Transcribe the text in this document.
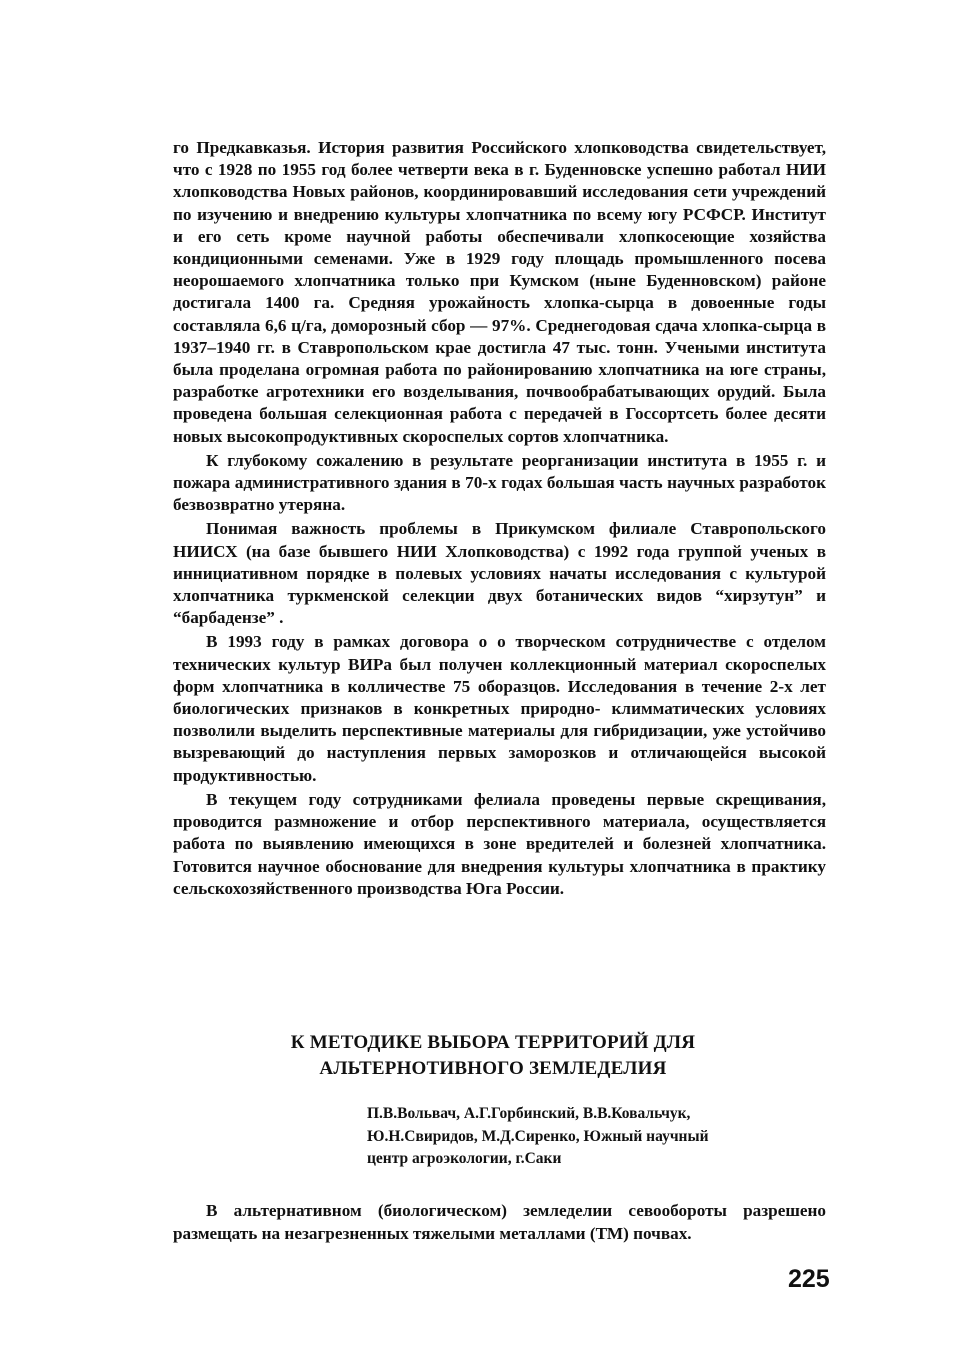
го Предкавказья. История развития Российского хлопководства свидетельствует, что с 1928 по 1955 год более четверти века в г. Буденновске успешно работал НИИ хлопководства Новых районов, координировавший исследования сети учреждений по изучению и внедрению культуры хлопчатника по всему югу РСФСР. Институт и его сеть кроме научной работы обеспечивали хлопкосеющие хозяйства кондиционными семенами. Уже в 1929 году площадь промышленного посева неорошаемого хлопчатника только при Кумском (ныне Буденновском) районе достигала 1400 га. Средняя урожайность хлопка-сырца в довоенные годы составляла 6,6 ц/га, доморозный сбор — 97%. Среднегодовая сдача хлопка-сырца в 1937–1940 гг. в Ставропольском крае достигла 47 тыс. тонн. Учеными института была проделана огромная работа по районированию хлопчатника на юге страны, разработке агротехники его возделывания, почвообрабатывающих орудий. Была проведена большая селекционная работа с передачей в Госсортсеть более десяти новых высокопродуктивных скороспелых сортов хлопчатника.

К глубокому сожалению в результате реорганизации института в 1955 г. и пожара административного здания в 70-х годах большая часть научных разработок безвозвратно утеряна.

Понимая важность проблемы в Прикумском филиале Ставропольского НИИСХ (на базе бывшего НИИ Хлопководства) с 1992 года группой ученых в иннициативном порядке в полевых условиях начаты исследования с культурой хлопчатника туркменской селекции двух ботанических видов “хирзутун” и “барбадензе” .

В 1993 году в рамках договора о о творческом сотрудничестве с отделом технических культур ВИРа был получен коллекционный материал скороспелых форм хлопчатника в колличестве 75 оборазцов. Исследования в течение 2-х лет биологических признаков в конкретных природно- климматических условиях позволили выделить перспективные материалы для гибридизации, уже устойчиво вызревающий до наступления первых заморозков и отличающейся высокой продуктивностью.

В текущем году сотрудниками фелиала проведены первые скрещивания, проводится размножение и отбор перспективного материала, осуществляется работа по выявлению имеющихся в зоне вредителей и болезней хлопчатника. Готовится научное обоснование для внедрения культуры хлопчатника в практику сельскохозяйственного производства Юга России.

К МЕТОДИКЕ ВЫБОРА ТЕРРИТОРИЙ ДЛЯ
АЛЬТЕРНОТИВНОГО ЗЕМЛЕДЕЛИЯ
П.В.Вольвач, А.Г.Горбинский, В.В.Ковальчук,
Ю.Н.Свиридов, М.Д.Сиренко, Южный научный
центр агроэкологии, г.Саки
В альтернативном (биологическом) земледелии севообороты разрешено размещать на незагрезненных тяжелыми металлами (ТМ) почвах.
225
